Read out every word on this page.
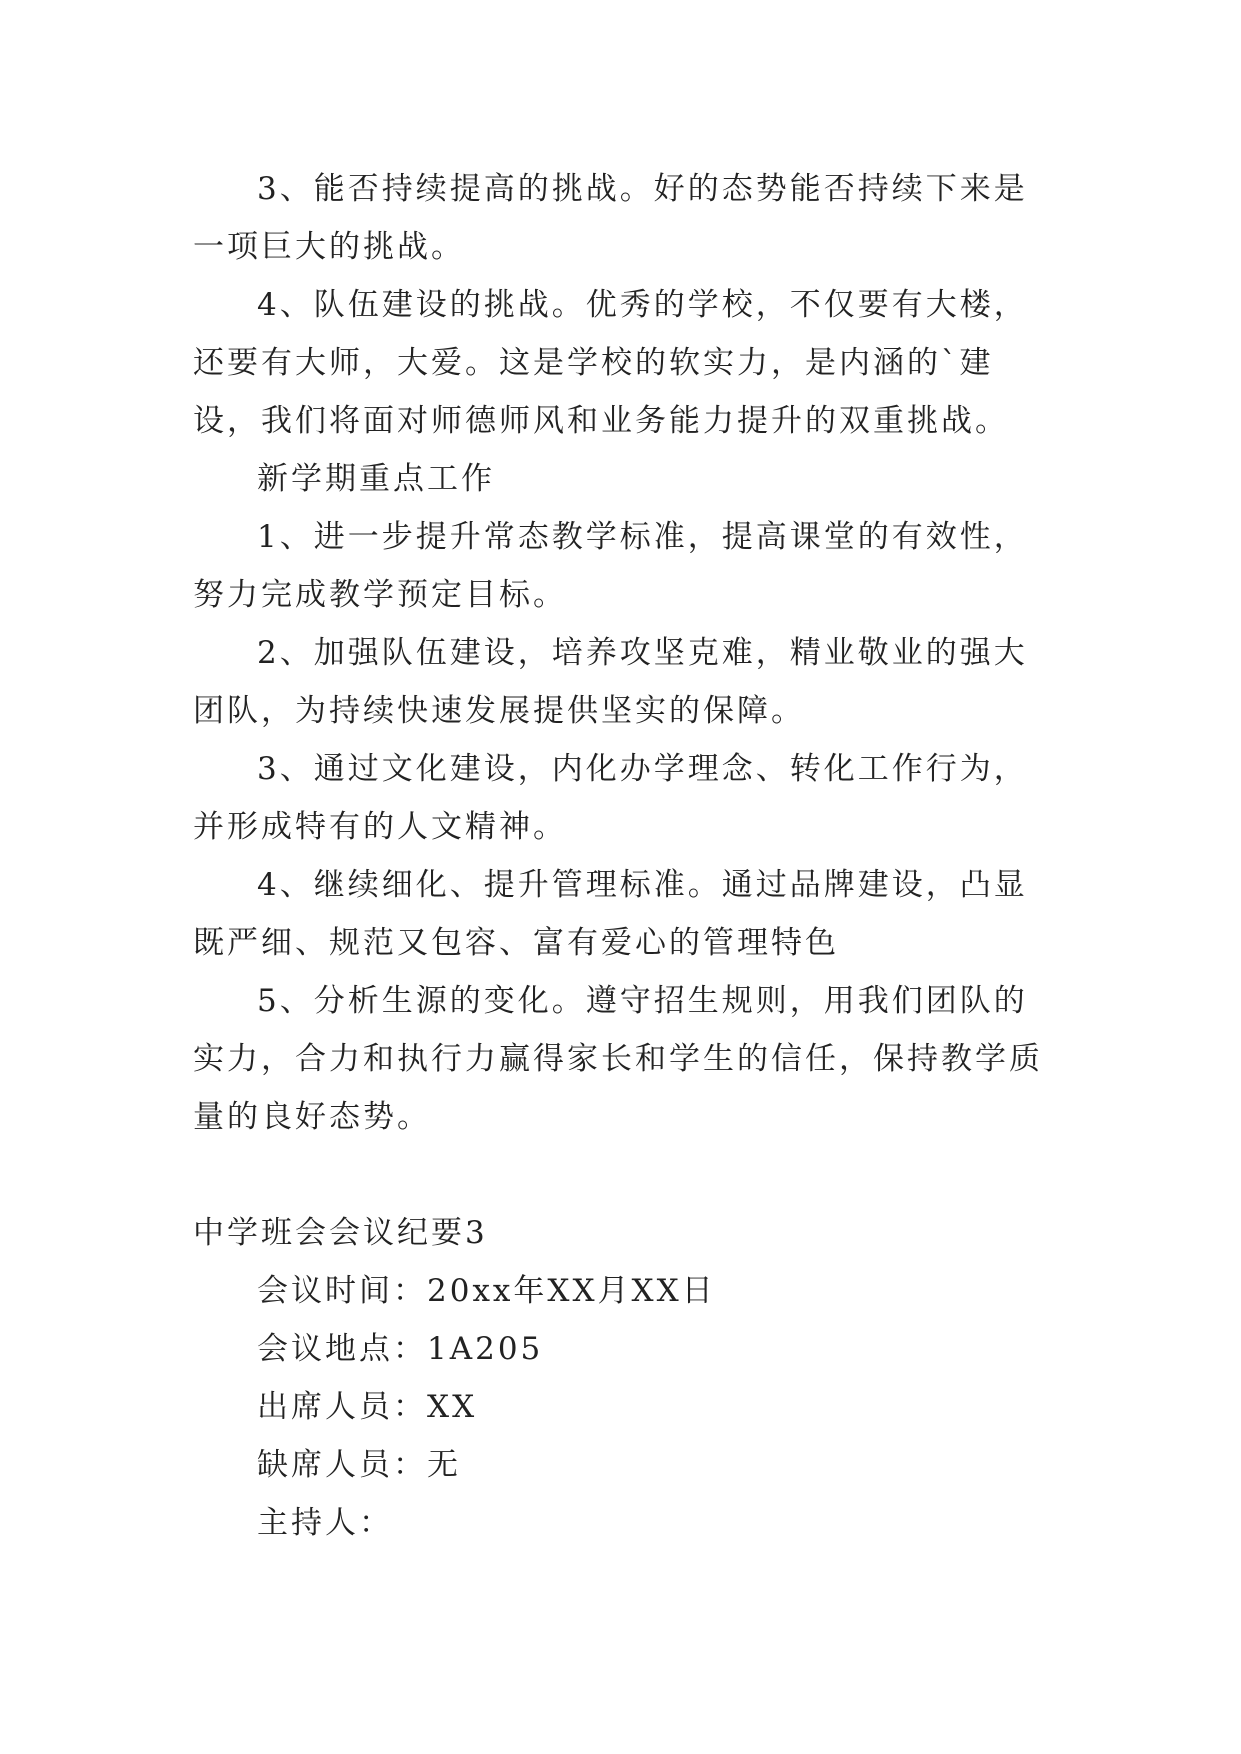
3、能否持续提高的挑战。好的态势能否持续下来是一项巨大的挑战。

4、队伍建设的挑战。优秀的学校，不仅要有大楼，还要有大师，大爱。这是学校的软实力，是内涵的`建设，我们将面对师德师风和业务能力提升的双重挑战。

新学期重点工作

1、进一步提升常态教学标准，提高课堂的有效性，努力完成教学预定目标。

2、加强队伍建设，培养攻坚克难，精业敬业的强大团队，为持续快速发展提供坚实的保障。

3、通过文化建设，内化办学理念、转化工作行为，并形成特有的人文精神。

4、继续细化、提升管理标准。通过品牌建设，凸显既严细、规范又包容、富有爱心的管理特色

5、分析生源的变化。遵守招生规则，用我们团队的实力，合力和执行力赢得家长和学生的信任，保持教学质量的良好态势。

中学班会会议纪要3

会议时间：20xx年XX月XX日

会议地点：1A205

出席人员：XX

缺席人员：无

主持人：
